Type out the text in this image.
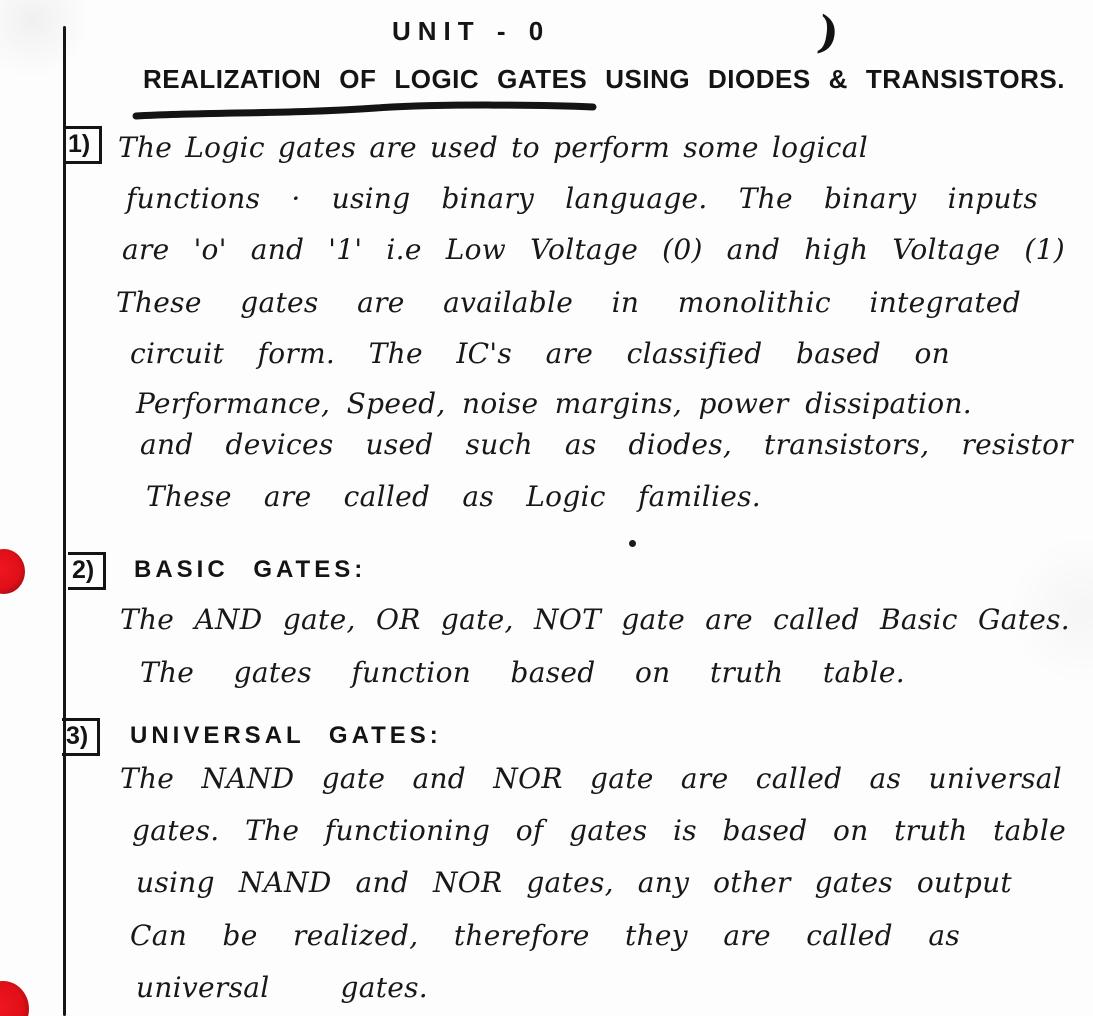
UNIT - 0	)
REALIZATION OF LOGIC GATES USING DIODES & TRANSISTORS.
1) The Logic gates are used to perform some logical
functions · using binary language. The binary inputs
are 'o' and '1' i.e Low Voltage (0) and high Voltage (1)
These gates are available in monolithic integrated
circuit form. The IC's are classified based on
Performance, Speed, noise margins, power dissipation.
and devices used such as diodes, transistors, resistor
These are called as Logic families.
2)	BASIC GATES:
The AND gate, OR gate, NOT gate are called Basic Gates.
The gates function based on truth table.
3)	UNIVERSAL GATES:
The NAND gate and NOR gate are called as universal
gates. The functioning of gates is based on truth table
using NAND and NOR gates, any other gates output
Can be realized, therefore they are called as
universal gates.
